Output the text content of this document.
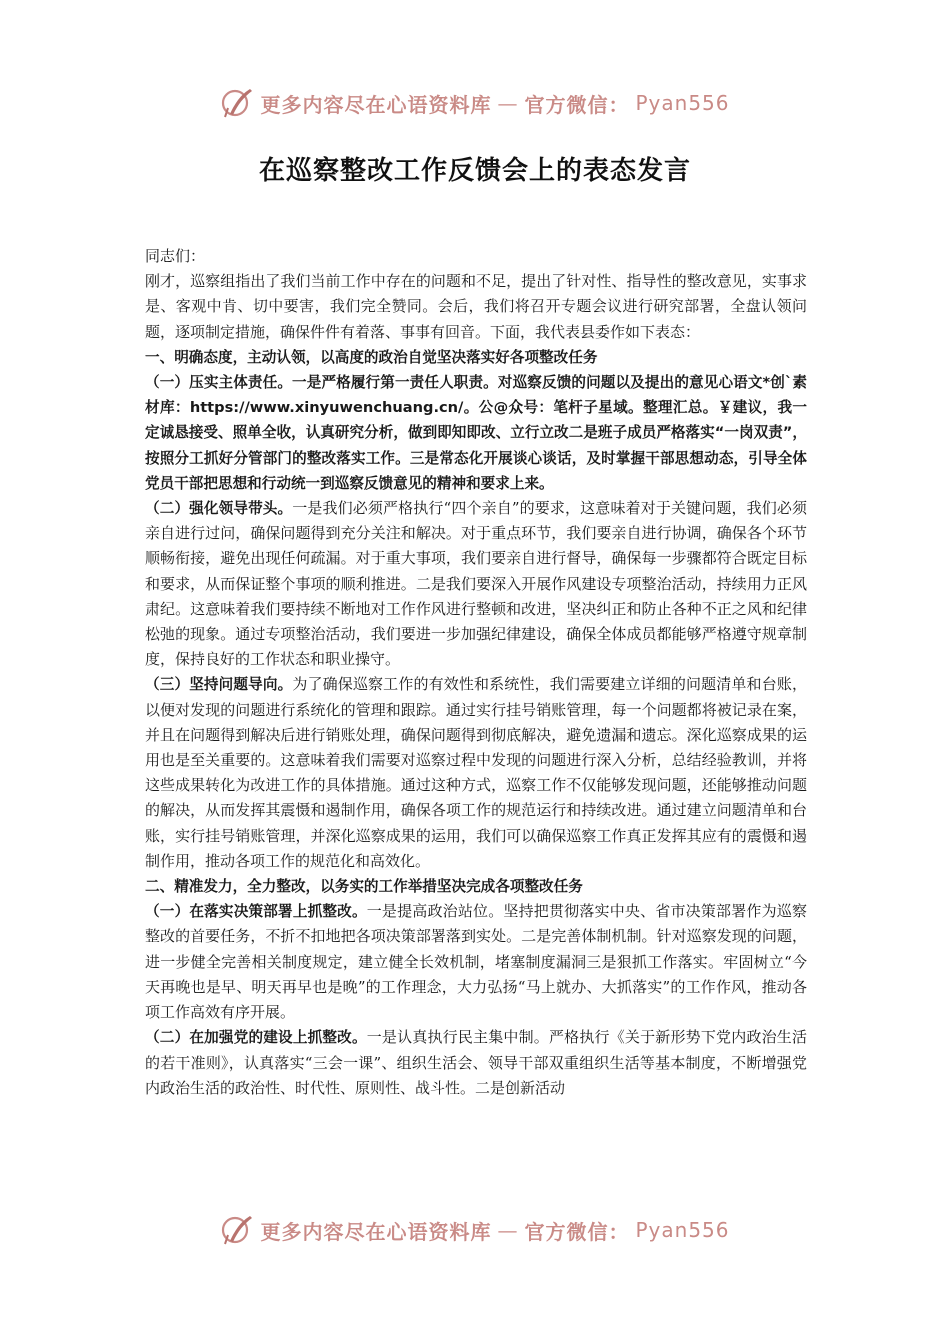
更多内容尽在心语资料库 — 官方微信： Pyan556
在巡察整改工作反馈会上的表态发言

同志们：

刚才，巡察组指出了我们当前工作中存在的问题和不足，提出了针对性、指导性的整改意见，实事求是、客观中肯、切中要害，我们完全赞同。会后，我们将召开专题会议进行研究部署，全盘认领问题，逐项制定措施，确保件件有着落、事事有回音。下面，我代表县委作如下表态：

一、明确态度，主动认领，以高度的政治自觉坚决落实好各项整改任务

（一）压实主体责任。一是严格履行第一责任人职责。对巡察反馈的问题以及提出的意见心语文*创`素材库：https://www.xinyuwenchuang.cn/。公@众号：笔杆子星域。整理汇总。￥建议，我一定诚恳接受、照单全收，认真研究分析，做到即知即改、立行立改二是班子成员严格落实“一岗双责”，按照分工抓好分管部门的整改落实工作。三是常态化开展谈心谈话，及时掌握干部思想动态，引导全体党员干部把思想和行动统一到巡察反馈意见的精神和要求上来。

（二）强化领导带头。一是我们必须严格执行“四个亲自”的要求，这意味着对于关键问题，我们必须亲自进行过问，确保问题得到充分关注和解决。对于重点环节，我们要亲自进行协调，确保各个环节顺畅衔接，避免出现任何疏漏。对于重大事项，我们要亲自进行督导，确保每一步骤都符合既定目标和要求，从而保证整个事项的顺利推进。二是我们要深入开展作风建设专项整治活动，持续用力正风肃纪。这意味着我们要持续不断地对工作作风进行整顿和改进，坚决纠正和防止各种不正之风和纪律松弛的现象。通过专项整治活动，我们要进一步加强纪律建设，确保全体成员都能够严格遵守规章制度，保持良好的工作状态和职业操守。

（三）坚持问题导向。为了确保巡察工作的有效性和系统性，我们需要建立详细的问题清单和台账，以便对发现的问题进行系统化的管理和跟踪。通过实行挂号销账管理，每一个问题都将被记录在案，并且在问题得到解决后进行销账处理，确保问题得到彻底解决，避免遗漏和遗忘。深化巡察成果的运用也是至关重要的。这意味着我们需要对巡察过程中发现的问题进行深入分析，总结经验教训，并将这些成果转化为改进工作的具体措施。通过这种方式，巡察工作不仅能够发现问题，还能够推动问题的解决，从而发挥其震慑和遏制作用，确保各项工作的规范运行和持续改进。通过建立问题清单和台账，实行挂号销账管理，并深化巡察成果的运用，我们可以确保巡察工作真正发挥其应有的震慑和遏制作用，推动各项工作的规范化和高效化。

二、精准发力，全力整改，以务实的工作举措坚决完成各项整改任务

（一）在落实决策部署上抓整改。一是提高政治站位。坚持把贯彻落实中央、省市决策部署作为巡察整改的首要任务，不折不扣地把各项决策部署落到实处。二是完善体制机制。针对巡察发现的问题，进一步健全完善相关制度规定，建立健全长效机制，堵塞制度漏洞三是狠抓工作落实。牢固树立“今天再晚也是早、明天再早也是晚”的工作理念，大力弘扬“马上就办、大抓落实”的工作作风，推动各项工作高效有序开展。

（二）在加强党的建设上抓整改。一是认真执行民主集中制。严格执行《关于新形势下党内政治生活的若干准则》，认真落实“三会一课”、组织生活会、领导干部双重组织生活等基本制度，不断增强党内政治生活的政治性、时代性、原则性、战斗性。二是创新活动

更多内容尽在心语资料库 — 官方微信： Pyan556
